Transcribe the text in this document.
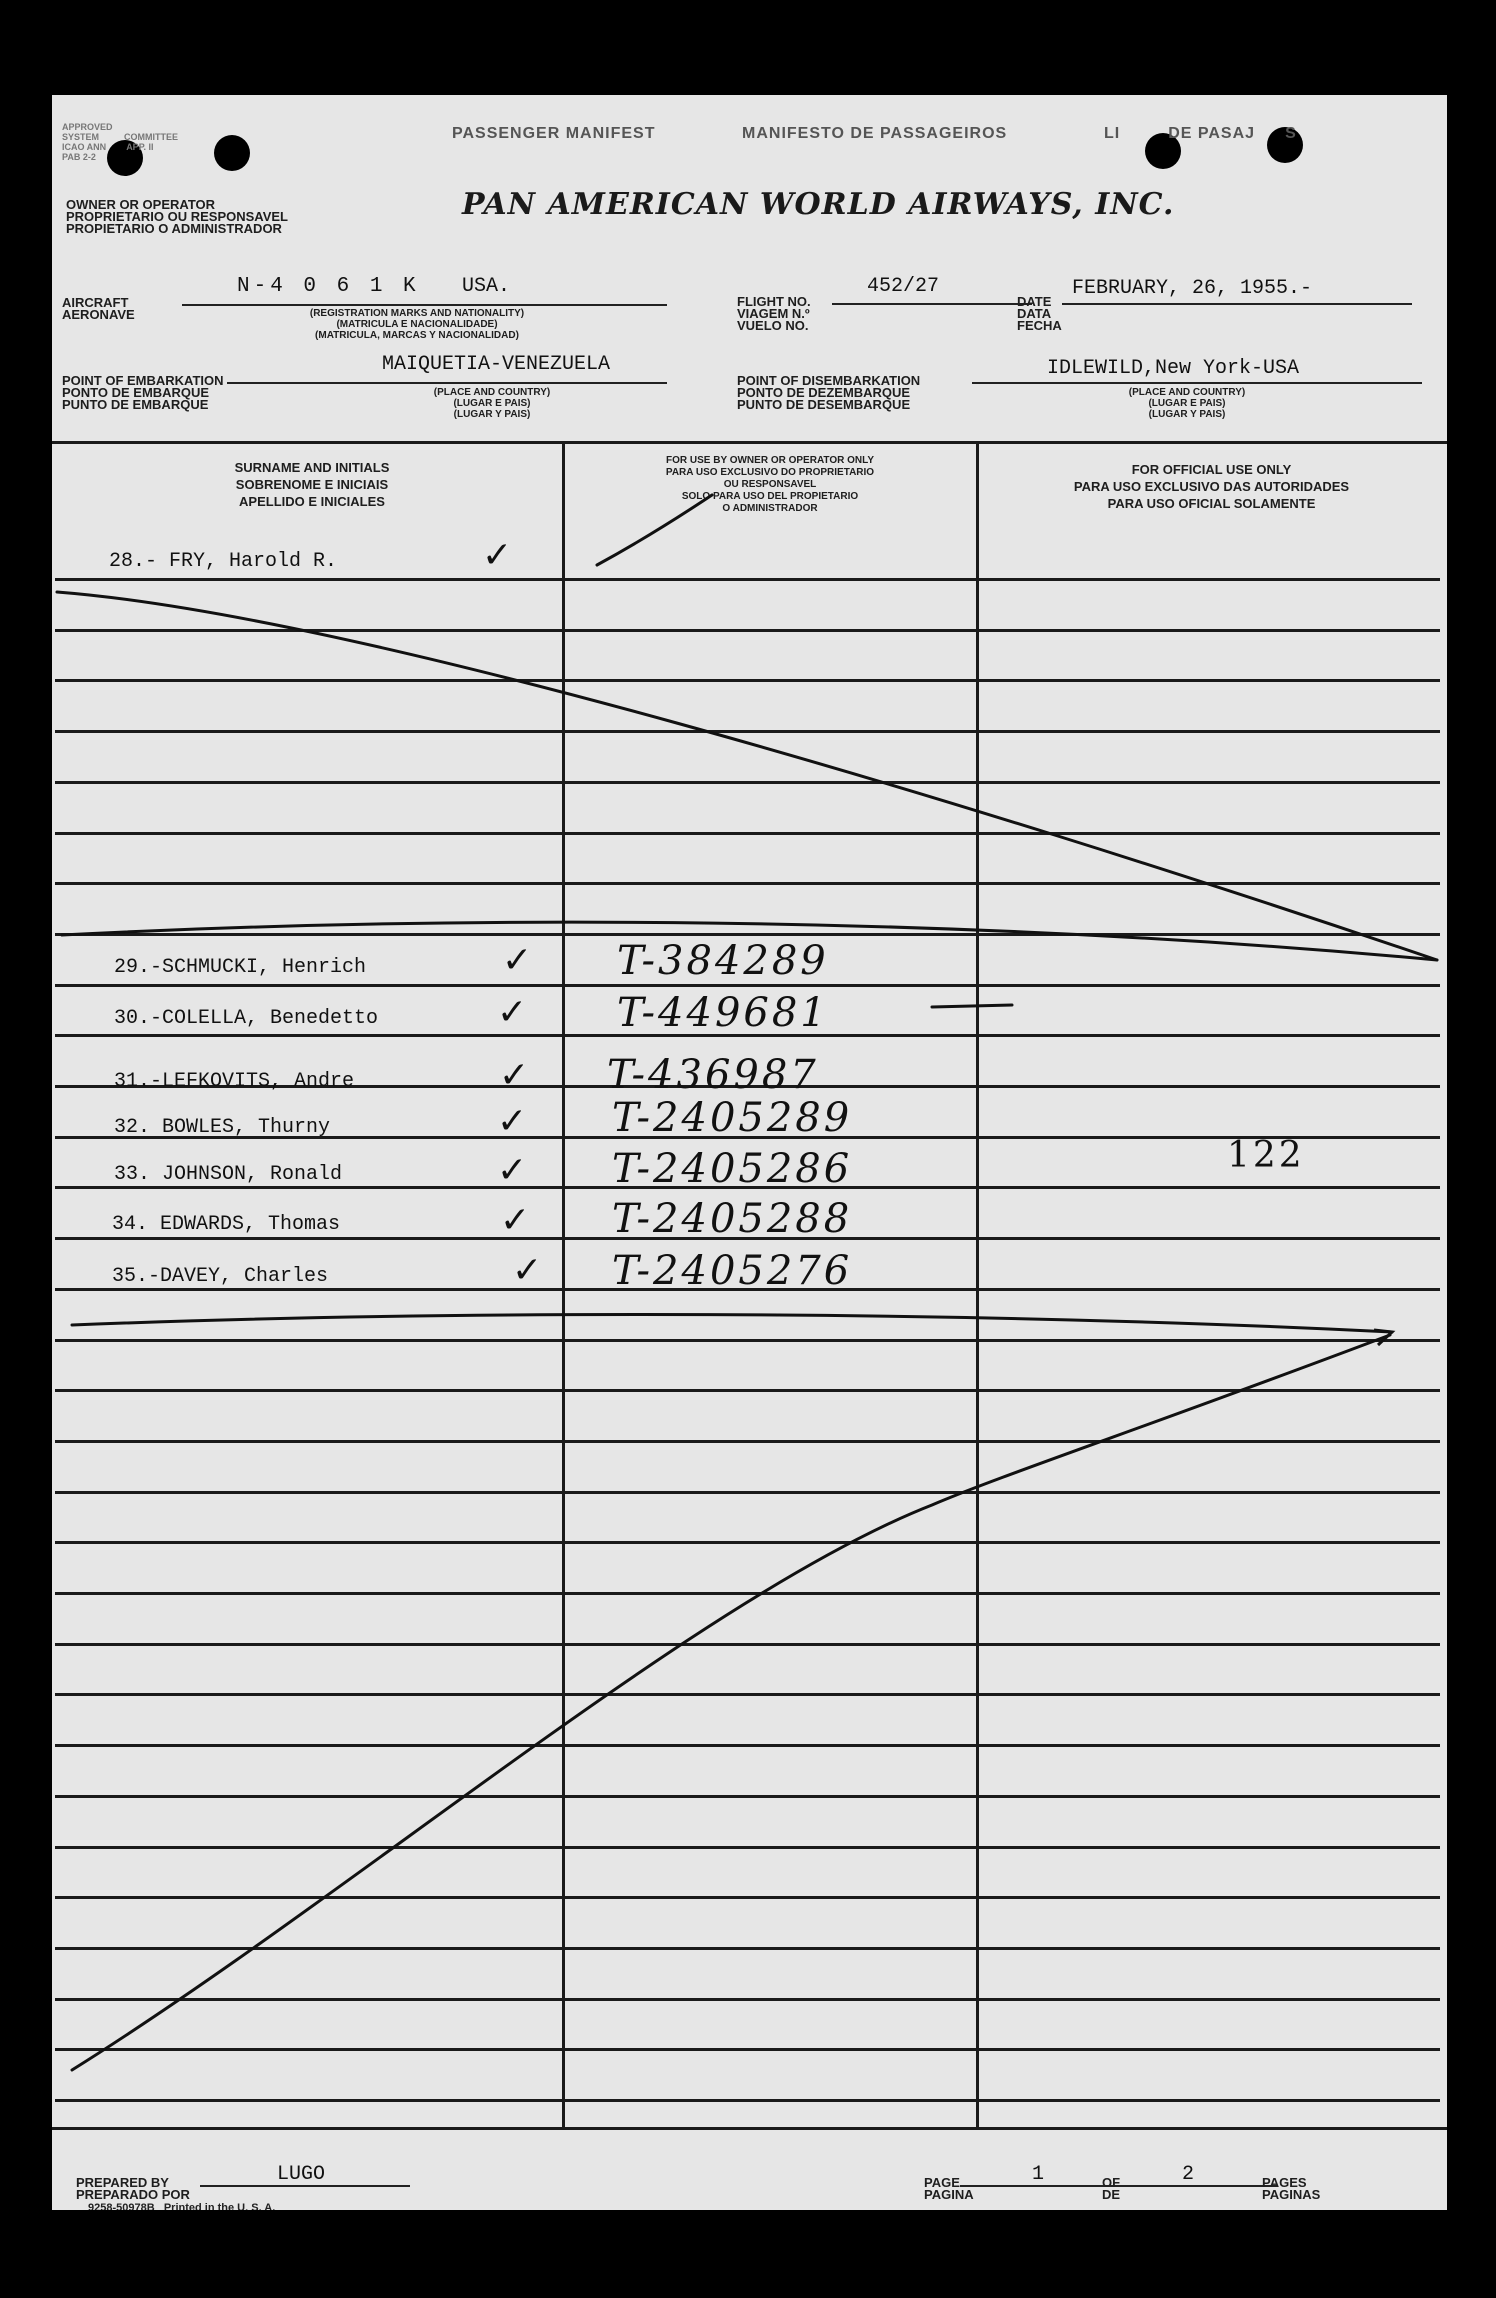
APPROVED
SYSTEM	COMMITTEE
ICAO ANN APP. II
PAB 2-2
PASSENGER MANIFEST	MANIFESTO DE PASSAGEIROS	LI	DE PASAJ S
OWNER OR OPERATOR
PROPRIETARIO OU RESPONSAVEL
PROPIETARIO O ADMINISTRADOR
PAN AMERICAN WORLD AIRWAYS, INC.
AIRCRAFT
AERONAVE
N-4 0 6 1 K USA.
(REGISTRATION MARKS AND NATIONALITY)
(MATRICULA E NACIONALIDADE)
(MATRICULA, MARCAS Y NACIONALIDAD)
FLIGHT NO.
VIAGEM N.º
VUELO NO.
452/27
DATE
DATA
FECHA
FEBRUARY, 26, 1955.-
POINT OF EMBARKATION
PONTO DE EMBARQUE
PUNTO DE EMBARQUE
MAIQUETIA-VENEZUELA
(PLACE AND COUNTRY)
(LUGAR E PAIS)
(LUGAR Y PAIS)
POINT OF DISEMBARKATION
PONTO DE DEZEMBARQUE
PUNTO DE DESEMBARQUE
IDLEWILD,New York-USA
(PLACE AND COUNTRY)
(LUGAR E PAIS)
(LUGAR Y PAIS)
SURNAME AND INITIALS
SOBRENOME E INICIAIS
APELLIDO E INICIALES
FOR USE BY OWNER OR OPERATOR ONLY
PARA USO EXCLUSIVO DO PROPRIETARIO
OU RESPONSAVEL
SOLO PARA USO DEL PROPIETARIO
O ADMINISTRADOR
FOR OFFICIAL USE ONLY
PARA USO EXCLUSIVO DAS AUTORIDADES
PARA USO OFICIAL SOLAMENTE
28.- FRY, Harold R.	✓
29.-SCHMUCKI, Henrich	✓ T-384289
30.-COLELLA, Benedetto	✓ T-449681
31.-LEFKOVITS, Andre	✓ T-436987
32. BOWLES, Thurny	✓ T-2405289
33. JOHNSON, Ronald	✓ T-2405286
34. EDWARDS, Thomas	✓ T-2405288
35.-DAVEY, Charles	✓ T-2405276
122
PREPARED BY
PREPARADO POR
LUGO
9258-50978B Printed in the U. S. A.
PAGE
PAGINA
1	OF
DE
2	PAGES
PAGINAS
